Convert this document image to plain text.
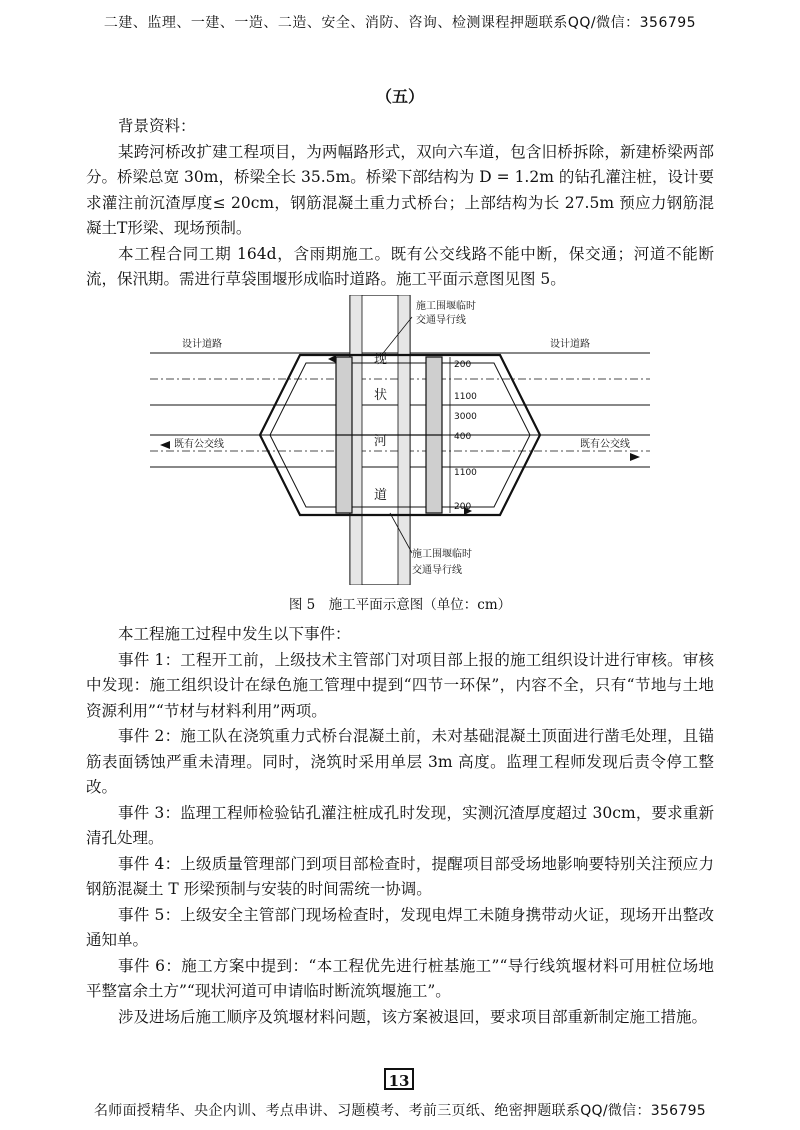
二建、监理、一建、一造、二造、安全、消防、咨询、检测课程押题联系QQ/微信：356795
（五）

背景资料：

某跨河桥改扩建工程项目，为两幅路形式，双向六车道，包含旧桥拆除，新建桥梁两部分。桥梁总宽 30m，桥梁全长 35.5m。桥梁下部结构为 D = 1.2m 的钻孔灌注桩，设计要求灌注前沉渣厚度≤ 20cm，钢筋混凝土重力式桥台；上部结构为长 27.5m 预应力钢筋混凝土T形梁、现场预制。

本工程合同工期 164d，含雨期施工。既有公交线路不能中断，保交通；河道不能断流，保汛期。需进行草袋围堰形成临时道路。施工平面示意图见图 5。

施工围堰临时
交通导行线
施工围堰临时
交通导行线
设计道路	设计道路
既有公交线	既有公交线
现
状
河
道
200
1100
3000
400
1100
200
图 5　施工平面示意图（单位：cm）

本工程施工过程中发生以下事件：

事件 1：工程开工前，上级技术主管部门对项目部上报的施工组织设计进行审核。审核中发现：施工组织设计在绿色施工管理中提到“四节一环保”，内容不全，只有“节地与土地资源利用”“节材与材料利用”两项。

事件 2：施工队在浇筑重力式桥台混凝土前，未对基础混凝土顶面进行凿毛处理，且锚筋表面锈蚀严重未清理。同时，浇筑时采用单层 3m 高度。监理工程师发现后责令停工整改。

事件 3：监理工程师检验钻孔灌注桩成孔时发现，实测沉渣厚度超过 30cm，要求重新清孔处理。

事件 4：上级质量管理部门到项目部检查时，提醒项目部受场地影响要特别关注预应力钢筋混凝土 T 形梁预制与安装的时间需统一协调。

事件 5：上级安全主管部门现场检查时，发现电焊工未随身携带动火证，现场开出整改通知单。

事件 6：施工方案中提到：“本工程优先进行桩基施工”“导行线筑堰材料可用桩位场地平整富余土方”“现状河道可申请临时断流筑堰施工”。

涉及进场后施工顺序及筑堰材料问题，该方案被退回，要求项目部重新制定施工措施。

13
名师面授精华、央企内训、考点串讲、习题模考、考前三页纸、绝密押题联系QQ/微信：356795
